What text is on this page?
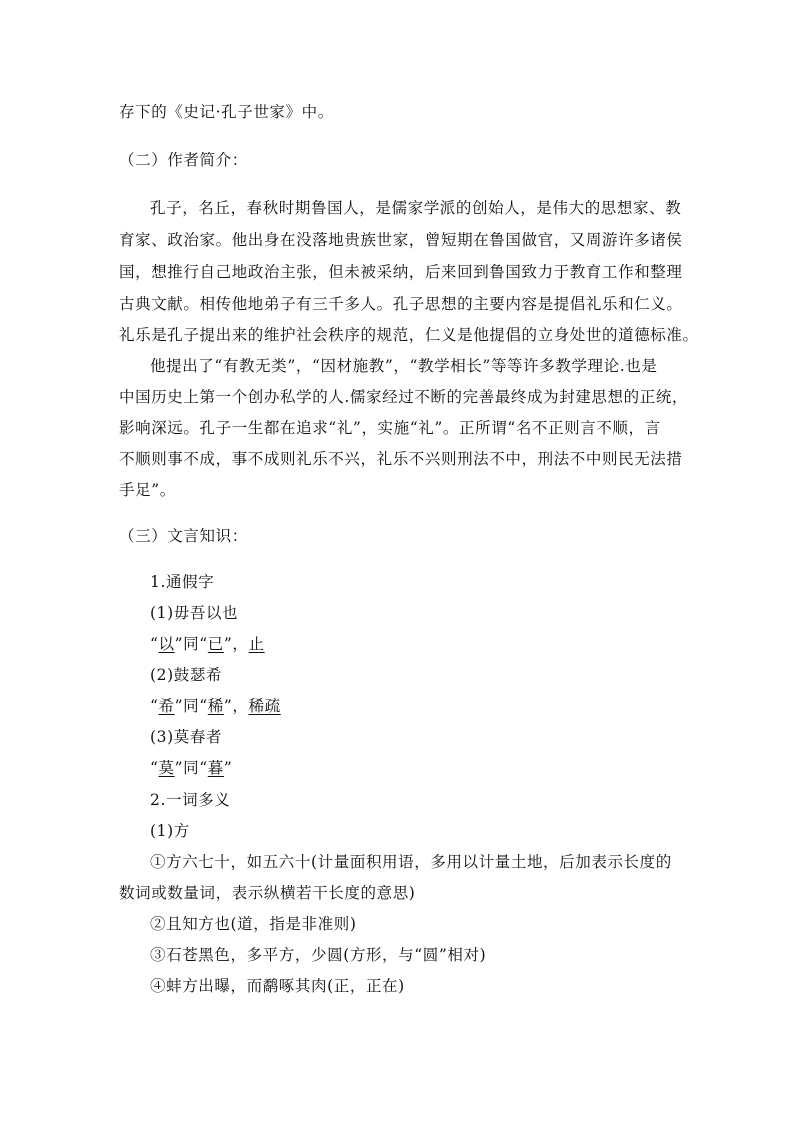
存下的《史记·孔子世家》中。
（二）作者简介：
孔子，名丘，春秋时期鲁国人，是儒家学派的创始人，是伟大的思想家、教
育家、政治家。他出身在没落地贵族世家，曾短期在鲁国做官，又周游许多诸侯
国，想推行自己地政治主张，但未被采纳，后来回到鲁国致力于教育工作和整理
古典文献。相传他地弟子有三千多人。孔子思想的主要内容是提倡礼乐和仁义。
礼乐是孔子提出来的维护社会秩序的规范，仁义是他提倡的立身处世的道德标准。
他提出了“有教无类”，“因材施教”，“教学相长”等等许多教学理论.也是
中国历史上第一个创办私学的人.儒家经过不断的完善最终成为封建思想的正统，
影响深远。孔子一生都在追求“礼”，实施“礼”。正所谓“名不正则言不顺，言
不顺则事不成，事不成则礼乐不兴，礼乐不兴则刑法不中，刑法不中则民无法措
手足”。
（三）文言知识：
1.通假字
(1)毋吾以也
“以”同“已”，止
(2)鼓瑟希
“希”同“稀”，稀疏
(3)莫春者
“莫”同“暮”
2.一词多义
(1)方
①方六七十，如五六十(计量面积用语，多用以计量土地，后加表示长度的
数词或数量词，表示纵横若干长度的意思)
②且知方也(道，指是非准则)
③石苍黑色，多平方，少圆(方形，与“圆”相对)
④蚌方出曝，而鹬啄其肉(正，正在)
